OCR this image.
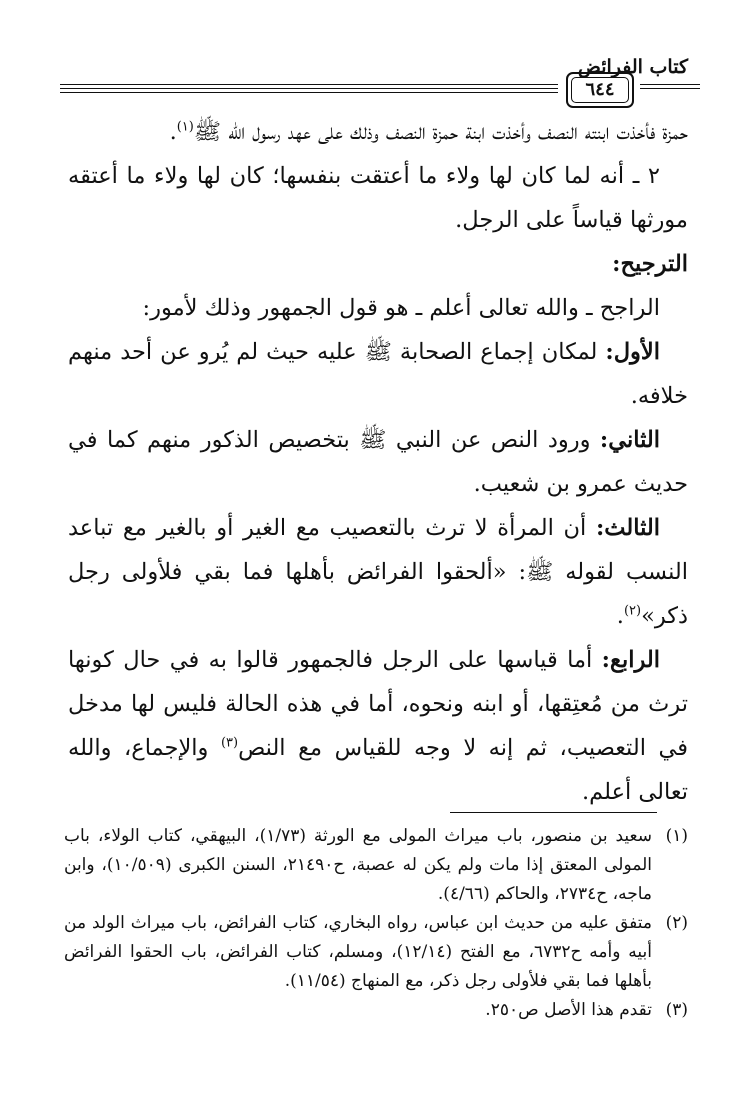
كتاب الفرائض
٦٤٤

حمزة فأخذت ابنته النصف وأخذت ابنة حمزة النصف وذلك على عهد رسول الله ﷺ$^{(١)}$.

٢ ـ أنه لما كان لها ولاء ما أعتقت بنفسها؛ كان لها ولاء ما أعتقه مورثها قياساً على الرجل.

الترجيح:

الراجح ـ والله تعالى أعلم ـ هو قول الجمهور وذلك لأمور:

الأول: لمكان إجماع الصحابة ﷺ عليه حيث لم يُرو عن أحد منهم خلافه.

الثاني: ورود النص عن النبي ﷺ بتخصيص الذكور منهم كما في حديث عمرو بن شعيب.

الثالث: أن المرأة لا ترث بالتعصيب مع الغير أو بالغير مع تباعد النسب لقوله ﷺ: «ألحقوا الفرائض بأهلها فما بقي فلأولى رجل ذكر»$^{(٢)}$.

الرابع: أما قياسها على الرجل فالجمهور قالوا به في حال كونها ترث من مُعتِقها، أو ابنه ونحوه، أما في هذه الحالة فليس لها مدخل في التعصيب، ثم إنه لا وجه للقياس مع النص$^{(٣)}$ والإجماع، والله تعالى أعلم.

(١)
سعيد بن منصور، باب ميراث المولى مع الورثة (١/٧٣)، البيهقي، كتاب الولاء، باب المولى المعتق إذا مات ولم يكن له عصبة، ح٢١٤٩٠، السنن الكبرى (١٠/٥٠٩)، وابن ماجه، ح٢٧٣٤، والحاكم (٤/٦٦).
(٢)
متفق عليه من حديث ابن عباس، رواه البخاري، كتاب الفرائض، باب ميراث الولد من أبيه وأمه ح٦٧٣٢، مع الفتح (١٢/١٤)، ومسلم، كتاب الفرائض، باب الحقوا الفرائض بأهلها فما بقي فلأولى رجل ذكر، مع المنهاج (١١/٥٤).
(٣)
تقدم هذا الأصل ص٢٥٠.
